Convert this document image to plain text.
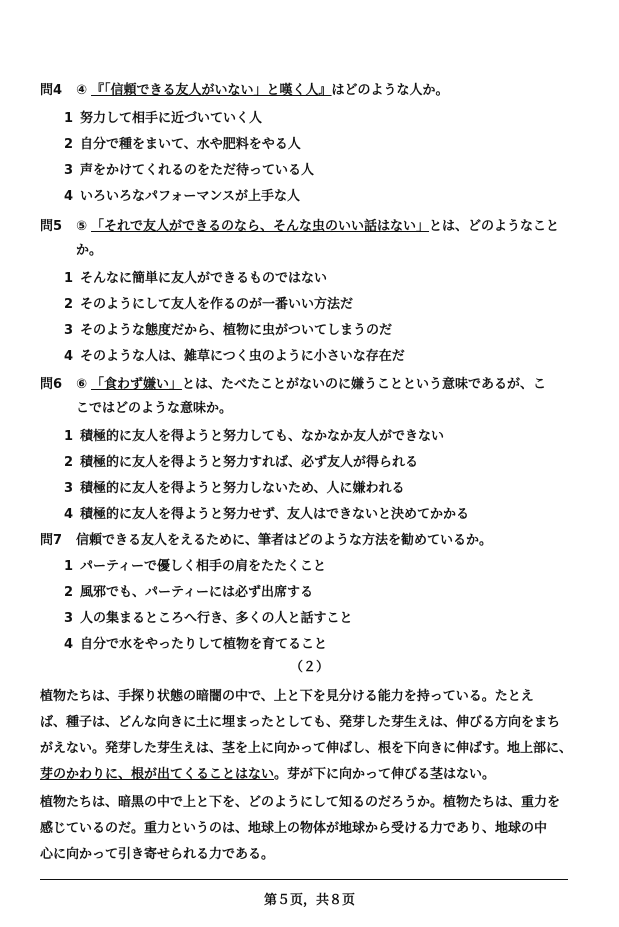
問4 ④ 『「信頼できる友人がいない」と嘆く人』はどのような人か。
1 努力して相手に近づいていく人
2 自分で種をまいて、水や肥料をやる人
3 声をかけてくれるのをただ待っている人
4 いろいろなパフォーマンスが上手な人
問5 ⑤ 「それで友人ができるのなら、そんな虫のいい話はない」とは、どのようなこと
か。
1 そんなに簡単に友人ができるものではない
2 そのようにして友人を作るのが一番いい方法だ
3 そのような態度だから、植物に虫がついてしまうのだ
4 そのような人は、雑草につく虫のように小さいな存在だ
問6 ⑥ 「食わず嫌い」とは、たべたことがないのに嫌うことという意味であるが、こ
こではどのような意味か。
1 積極的に友人を得ようと努力しても、なかなか友人ができない
2 積極的に友人を得ようと努力すれば、必ず友人が得られる
3 積極的に友人を得ようと努力しないため、人に嫌われる
4 積極的に友人を得ようと努力せず、友人はできないと決めてかかる
問7 信頼できる友人をえるために、筆者はどのような方法を勧めているか。
1 パーティーで優しく相手の肩をたたくこと
2 風邪でも、パーティーには必ず出席する
3 人の集まるところへ行き、多くの人と話すこと
4 自分で水をやったりして植物を育てること
（２）
植物たちは、手探り状態の暗闇の中で、上と下を見分ける能力を持っている。たとえ
ば、種子は、どんな向きに土に埋まったとしても、発芽した芽生えは、伸びる方向をまち
がえない。発芽した芽生えは、茎を上に向かって伸ばし、根を下向きに伸ばす。地上部に、
芽のかわりに、根が出てくることはない。芽が下に向かって伸びる茎はない。
植物たちは、暗黒の中で上と下を、どのようにして知るのだろうか。植物たちは、重力を
感じているのだ。重力というのは、地球上の物体が地球から受ける力であり、地球の中
心に向かって引き寄せられる力である。
第５页，共８页
